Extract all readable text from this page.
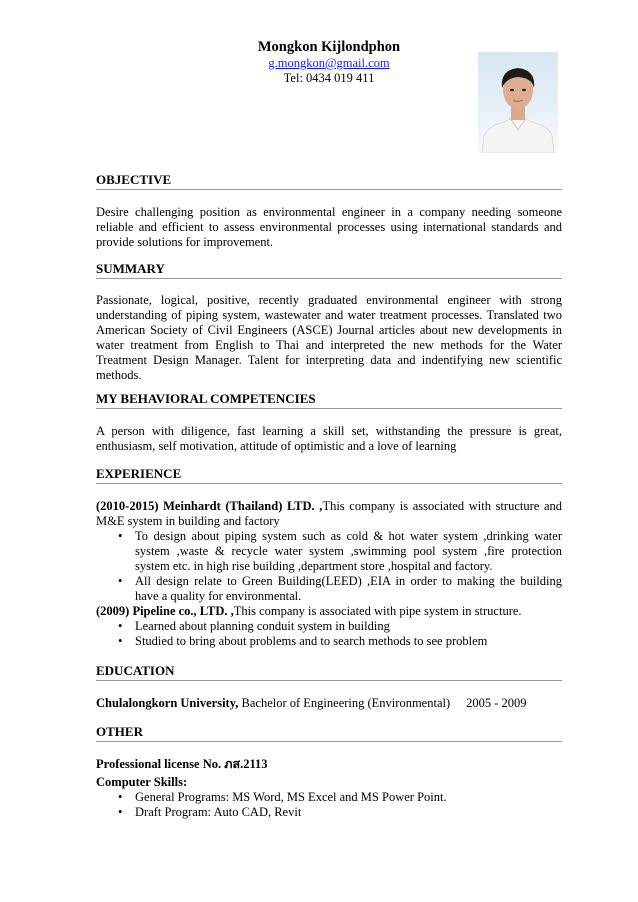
Mongkon Kijlondphon
g.mongkon@gmail.com
Tel: 0434 019 411
OBJECTIVE
Desire challenging position as environmental engineer in a company needing someone reliable and efficient to assess environmental processes using international standards and provide solutions for improvement.
SUMMARY
Passionate, logical, positive, recently graduated environmental engineer with strong understanding of piping system, wastewater and water treatment processes. Translated two American Society of Civil Engineers (ASCE) Journal articles about new developments in water treatment from English to Thai and interpreted the new methods for the Water Treatment Design Manager. Talent for interpreting data and indentifying new scientific methods.
MY BEHAVIORAL COMPETENCIES
A person with diligence, fast learning a skill set, withstanding the pressure is great, enthusiasm, self motivation, attitude of optimistic and a love of learning
EXPERIENCE
(2010-2015) Meinhardt (Thailand) LTD. ,This company is associated with structure and M&E system in building and factory
• To design about piping system such as cold & hot water system ,drinking water system ,waste & recycle water system ,swimming pool system ,fire protection system etc. in high rise building ,department store ,hospital and factory.
• All design relate to Green Building(LEED) ,EIA in order to making the building have a quality for environmental.
(2009) Pipeline co., LTD. ,This company is associated with pipe system in structure.
• Learned about planning conduit system in building
• Studied to bring about problems and to search methods to see problem
EDUCATION
Chulalongkorn University, Bachelor of Engineering (Environmental) 2005 - 2009
OTHER
Professional license No. ภส.2113
Computer Skills:
• General Programs: MS Word, MS Excel and MS Power Point.
• Draft Program: Auto CAD, Revit
